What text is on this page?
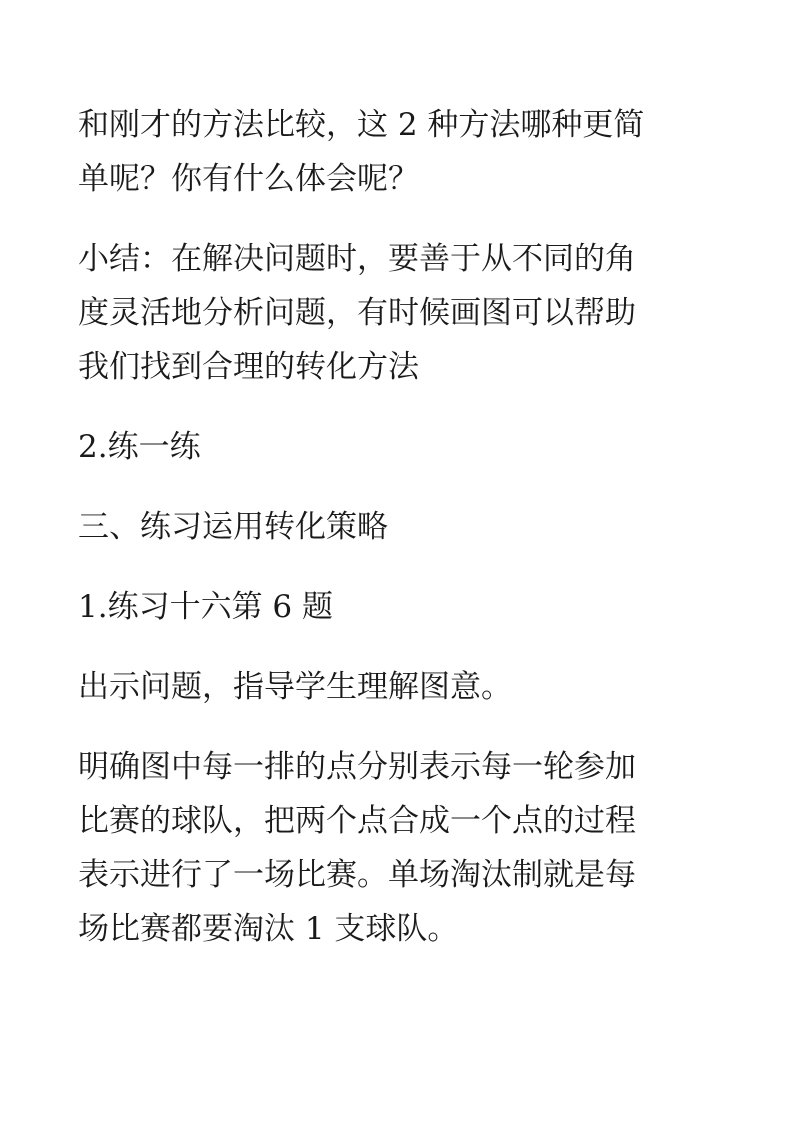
和刚才的方法比较，这 2 种方法哪种更简
单呢？你有什么体会呢？

小结：在解决问题时，要善于从不同的角
度灵活地分析问题，有时候画图可以帮助
我们找到合理的转化方法

2.练一练

三、练习运用转化策略

1.练习十六第 6 题

出示问题，指导学生理解图意。

明确图中每一排的点分别表示每一轮参加
比赛的球队，把两个点合成一个点的过程
表示进行了一场比赛。单场淘汰制就是每
场比赛都要淘汰 1 支球队。
